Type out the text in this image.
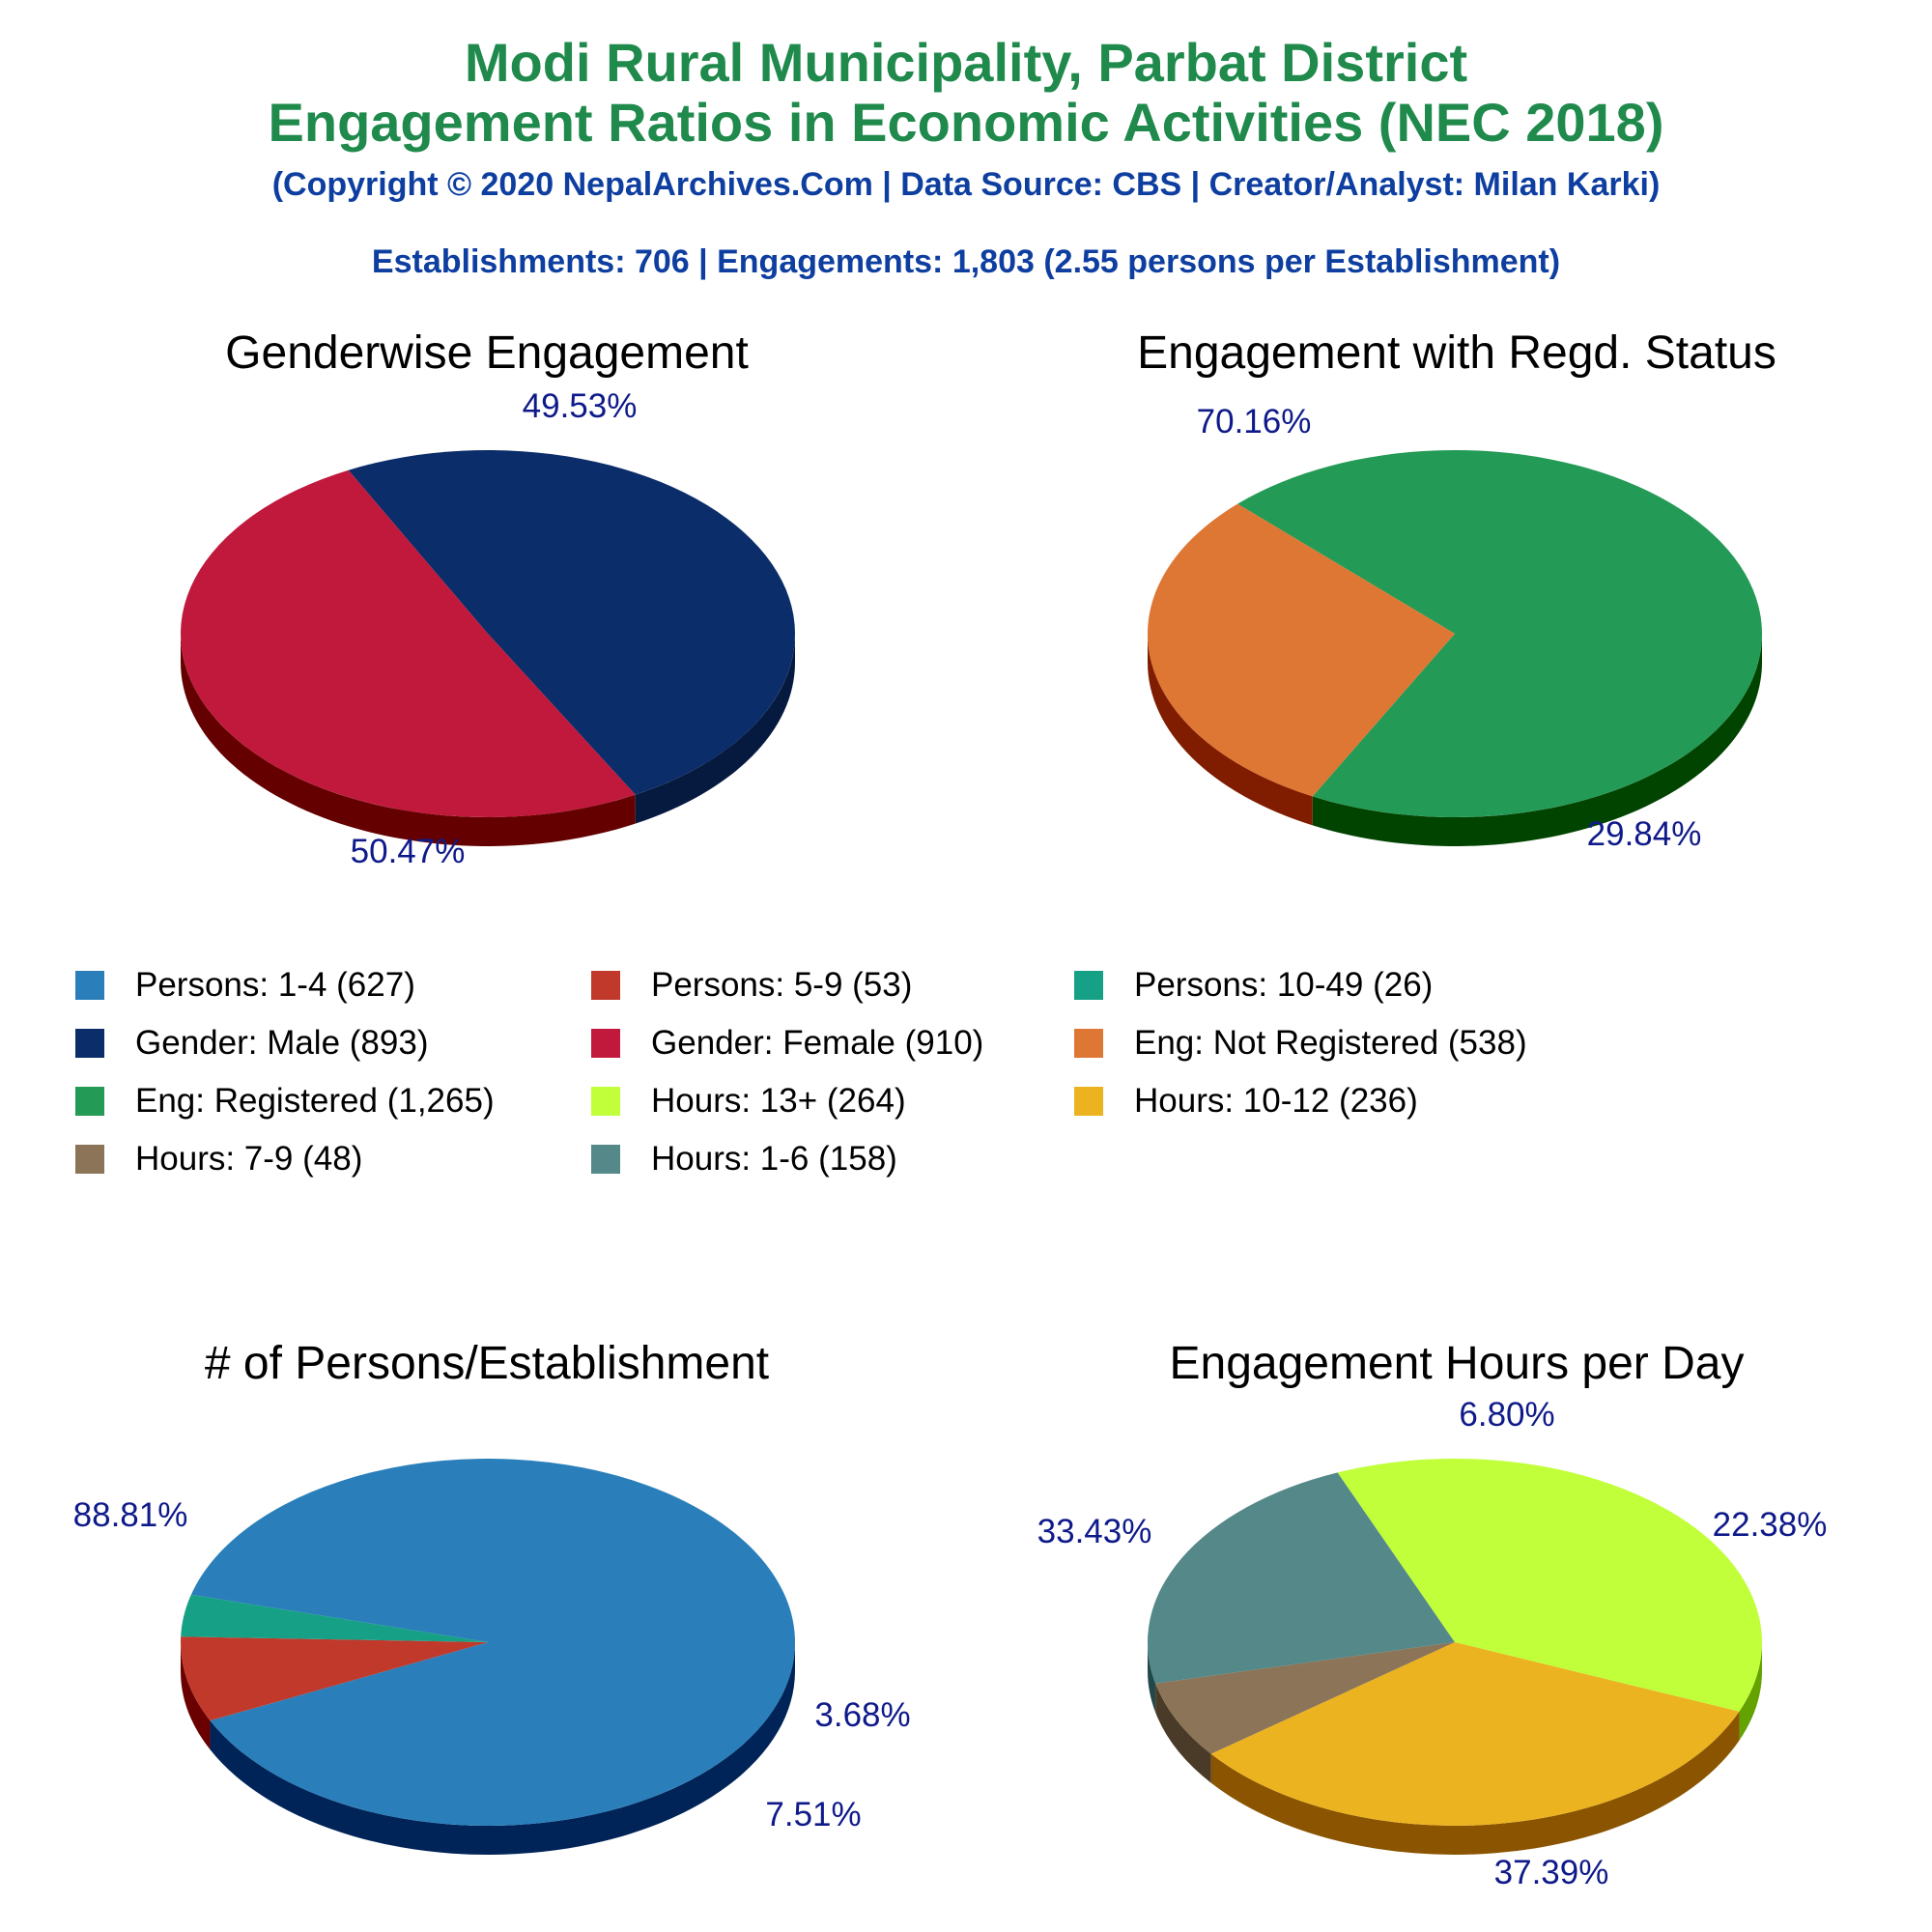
Modi Rural Municipality, Parbat District
Engagement Ratios in Economic Activities (NEC 2018)
(Copyright © 2020 NepalArchives.Com | Data Source: CBS | Creator/Analyst: Milan Karki)
Establishments: 706 | Engagements: 1,803 (2.55 persons per Establishment)
Genderwise Engagement	Engagement with Regd. Status
# of Persons/Establishment	Engagement Hours per Day
49.53%
50.47%
70.16%
29.84%
88.81%
7.51%
3.68%
22.38%
37.39%
33.43%
6.80%
Persons: 1-4 (627)	Persons: 5-9 (53)	Persons: 10-49 (26)
Gender: Male (893)	Gender: Female (910)	Eng: Not Registered (538)
Eng: Registered (1,265)	Hours: 13+ (264)	Hours: 10-12 (236)
Hours: 7-9 (48)	Hours: 1-6 (158)
